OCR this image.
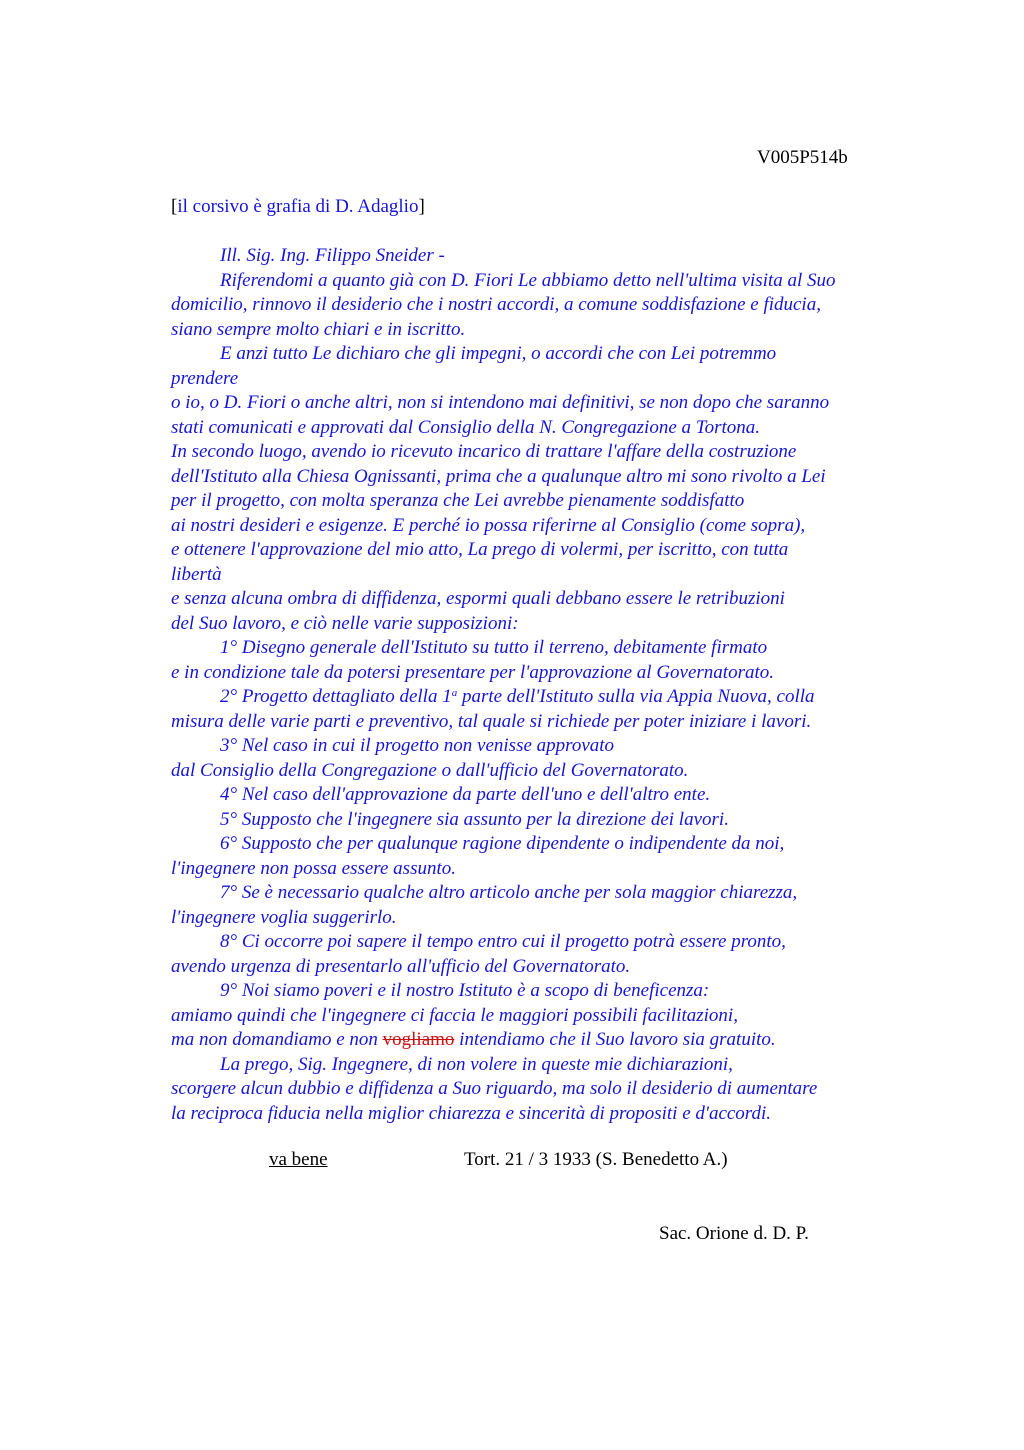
V005P514b
[il corsivo è grafia di D. Adaglio]
Ill. Sig. Ing. Filippo Sneider -
Riferendomi a quanto già con D. Fiori Le abbiamo detto nell'ultima visita al Suo
domicilio, rinnovo il desiderio che i nostri accordi, a comune soddisfazione e fiducia,
siano sempre molto chiari e in iscritto.
E anzi tutto Le dichiaro che gli impegni, o accordi che con Lei potremmo
prendere
o io, o D. Fiori o anche altri, non si intendono mai definitivi, se non dopo che saranno
stati comunicati e approvati dal Consiglio della N. Congregazione a Tortona.
In secondo luogo, avendo io ricevuto incarico di trattare l'affare della costruzione
dell'Istituto alla Chiesa Ognissanti, prima che a qualunque altro mi sono rivolto a Lei
per il progetto, con molta speranza che Lei avrebbe pienamente soddisfatto
ai nostri desideri e esigenze. E perché io possa riferirne al Consiglio (come sopra),
e ottenere l'approvazione del mio atto, La prego di volermi, per iscritto, con tutta
libertà
e senza alcuna ombra di diffidenza, espormi quali debbano essere le retribuzioni
del Suo lavoro, e ciò nelle varie supposizioni:
1° Disegno generale dell'Istituto su tutto il terreno, debitamente firmato
e in condizione tale da potersi presentare per l'approvazione al Governatorato.
2° Progetto dettagliato della 1$^a$ parte dell'Istituto sulla via Appia Nuova, colla
misura delle varie parti e preventivo, tal quale si richiede per poter iniziare i lavori.
3° Nel caso in cui il progetto non venisse approvato
dal Consiglio della Congregazione o dall'ufficio del Governatorato.
4° Nel caso dell'approvazione da parte dell'uno e dell'altro ente.
5° Supposto che l'ingegnere sia assunto per la direzione dei lavori.
6° Supposto che per qualunque ragione dipendente o indipendente da noi,
l'ingegnere non possa essere assunto.
7° Se è necessario qualche altro articolo anche per sola maggior chiarezza,
l'ingegnere voglia suggerirlo.
8° Ci occorre poi sapere il tempo entro cui il progetto potrà essere pronto,
avendo urgenza di presentarlo all'ufficio del Governatorato.
9° Noi siamo poveri e il nostro Istituto è a scopo di beneficenza:
amiamo quindi che l'ingegnere ci faccia le maggiori possibili facilitazioni,
ma non domandiamo e non vogliamo intendiamo che il Suo lavoro sia gratuito.
La prego, Sig. Ingegnere, di non volere in queste mie dichiarazioni,
scorgere alcun dubbio e diffidenza a Suo riguardo, ma solo il desiderio di aumentare
la reciproca fiducia nella miglior chiarezza e sincerità di propositi e d'accordi.
va bene	Tort. 21 / 3 1933 (S. Benedetto A.)
Sac. Orione d. D. P.
